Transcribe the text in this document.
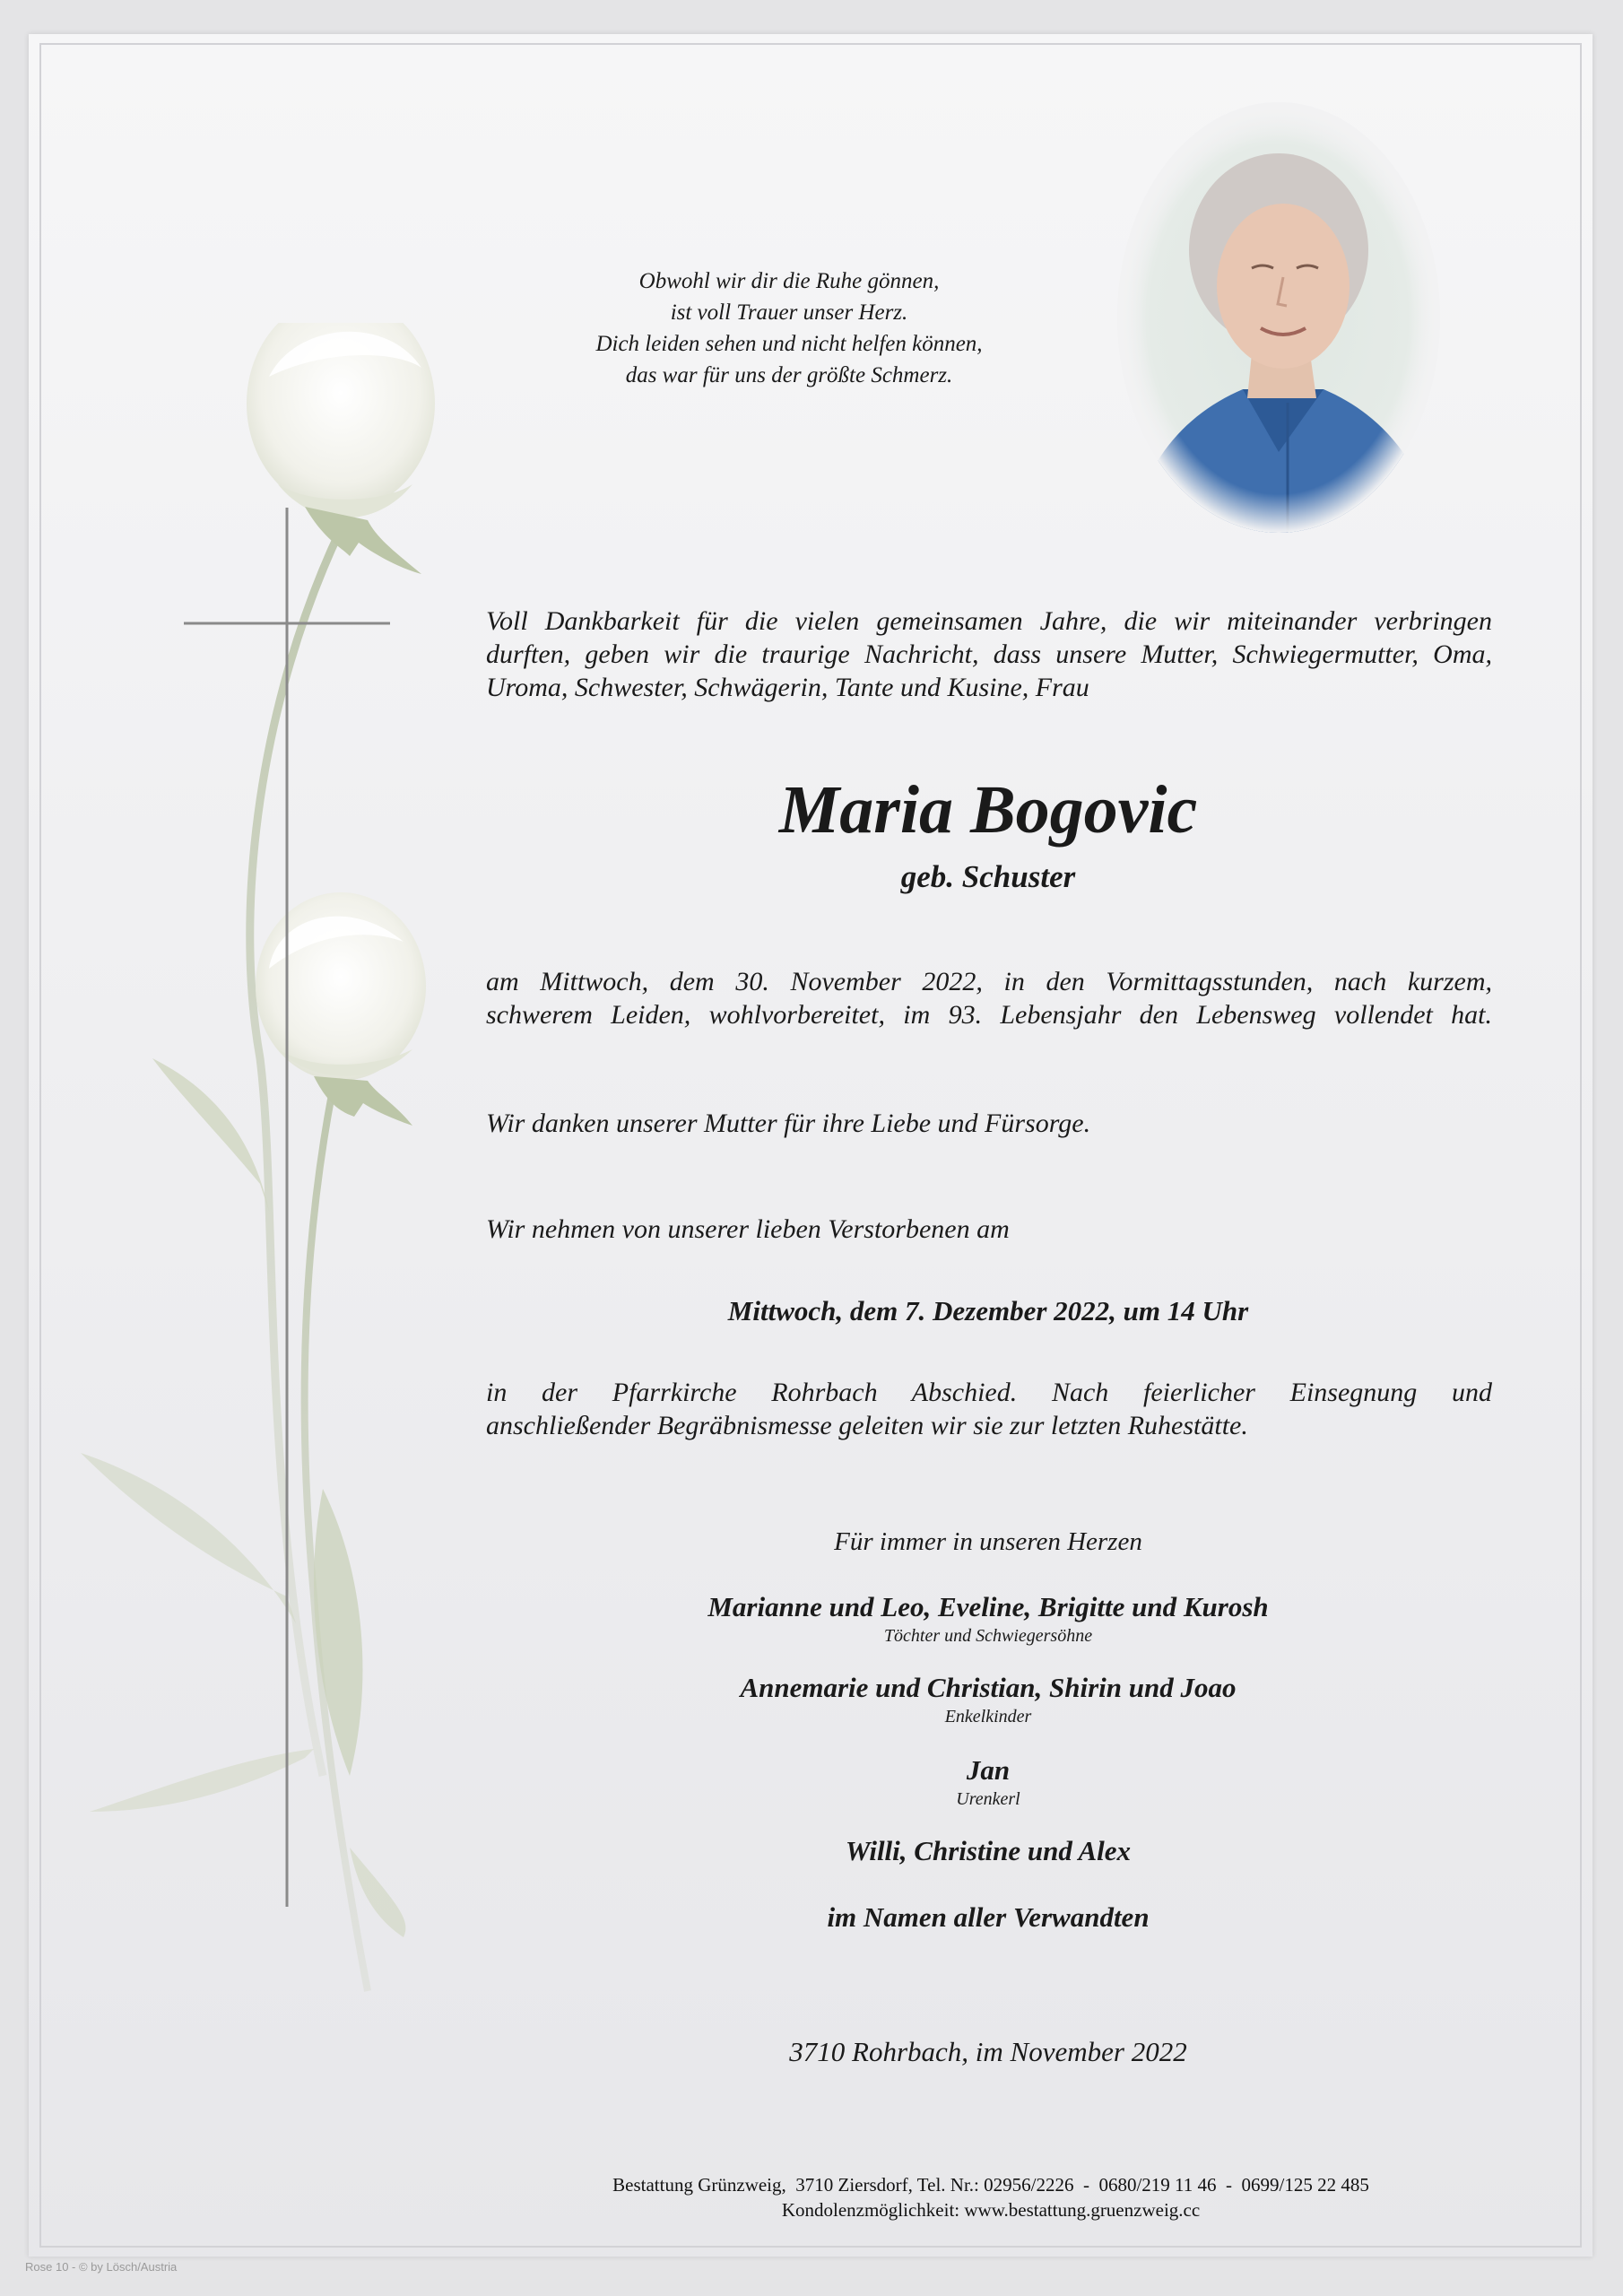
Obwohl wir dir die Ruhe gönnen,
ist voll Trauer unser Herz.
Dich leiden sehen und nicht helfen können,
das war für uns der größte Schmerz.
Voll Dankbarkeit für die vielen gemeinsamen Jahre, die wir miteinander verbringen
durften, geben wir die traurige Nachricht, dass unsere Mutter, Schwiegermutter, Oma,
Uroma, Schwester, Schwägerin, Tante und Kusine, Frau
Maria Bogovic
geb. Schuster
am Mittwoch, dem 30. November 2022, in den Vormittagsstunden, nach kurzem,
schwerem Leiden, wohlvorbereitet, im 93. Lebensjahr den Lebensweg vollendet hat.
Wir danken unserer Mutter für ihre Liebe und Fürsorge.
Wir nehmen von unserer lieben Verstorbenen am
Mittwoch, dem 7. Dezember 2022, um 14 Uhr
in der Pfarrkirche Rohrbach Abschied. Nach feierlicher Einsegnung und
anschließender Begräbnismesse geleiten wir sie zur letzten Ruhestätte.
Für immer in unseren Herzen
Marianne und Leo, Eveline, Brigitte und Kurosh
Töchter und Schwiegersöhne
Annemarie und Christian, Shirin und Joao
Enkelkinder
Jan
Urenkerl
Willi, Christine und Alex
im Namen aller Verwandten
3710 Rohrbach, im November 2022
Bestattung Grünzweig,  3710 Ziersdorf, Tel. Nr.: 02956/2226  -  0680/219 11 46  -  0699/125 22 485
Kondolenzmöglichkeit: www.bestattung.gruenzweig.cc
Rose 10 - © by Lösch/Austria
